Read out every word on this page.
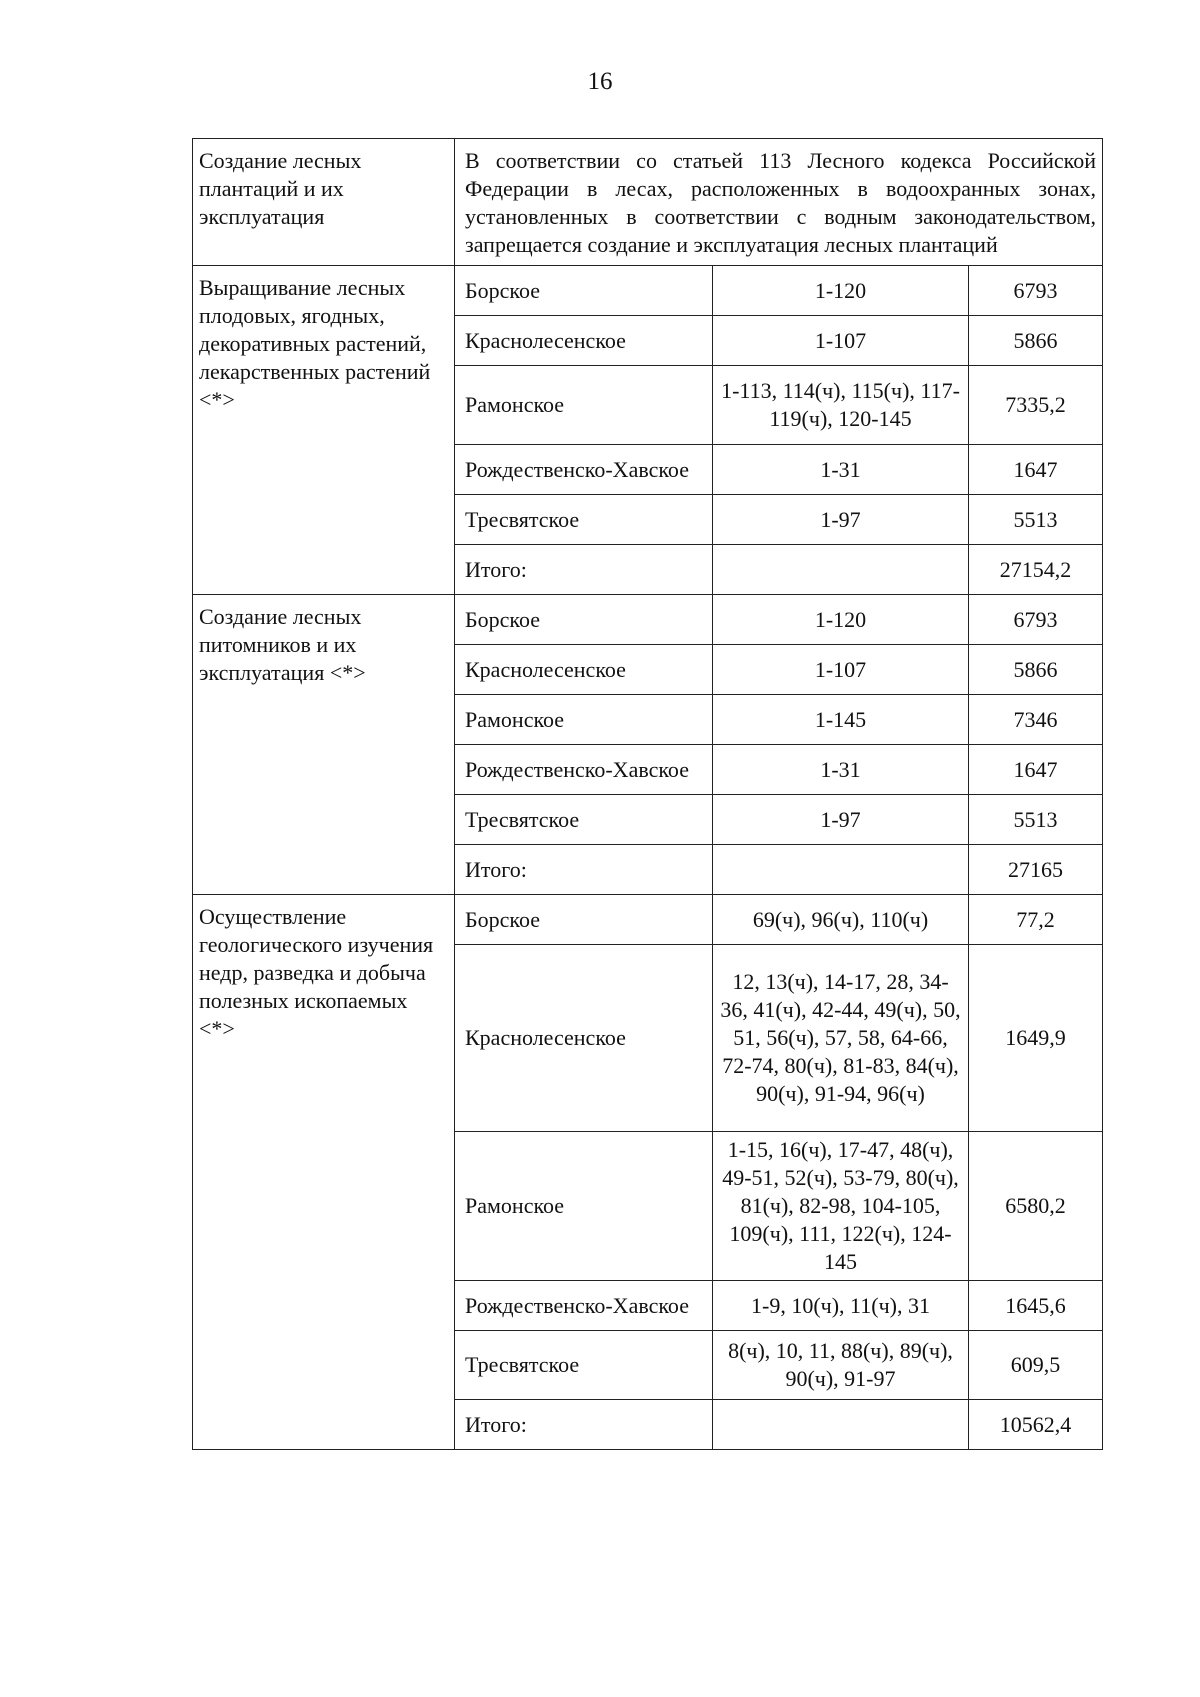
16
Создание лесных плантаций и их эксплуатация	В соответствии со статьей 113 Лесного кодекса Российской Федерации в лесах, расположенных в водоохранных зонах, установленных в соответствии с водным законодательством, запрещается создание и эксплуатация лесных плантаций		
Выращивание лесных плодовых, ягодных, декоративных растений, лекарственных растений <*>	Борское	1-120	6793
	Краснолесенское	1-107	5866
	Рамонское	1-113, 114(ч), 115(ч), 117-119(ч), 120-145	7335,2
	Рождественско-Хавское	1-31	1647
	Тресвятское	1-97	5513
	Итого:		27154,2
Создание лесных питомников и их эксплуатация <*>	Борское	1-120	6793
	Краснолесенское	1-107	5866
	Рамонское	1-145	7346
	Рождественско-Хавское	1-31	1647
	Тресвятское	1-97	5513
	Итого:		27165
Осуществление геологического изучения недр, разведка и добыча полезных ископаемых <*>	Борское	69(ч), 96(ч), 110(ч)	77,2
	Краснолесенское	12, 13(ч), 14-17, 28, 34-36, 41(ч), 42-44, 49(ч), 50, 51, 56(ч), 57, 58, 64-66, 72-74, 80(ч), 81-83, 84(ч), 90(ч), 91-94, 96(ч)	1649,9
	Рамонское	1-15, 16(ч), 17-47, 48(ч), 49-51, 52(ч), 53-79, 80(ч), 81(ч), 82-98, 104-105, 109(ч), 111, 122(ч), 124-145	6580,2
	Рождественско-Хавское	1-9, 10(ч), 11(ч), 31	1645,6
	Тресвятское	8(ч), 10, 11, 88(ч), 89(ч), 90(ч), 91-97	609,5
	Итого:		10562,4
